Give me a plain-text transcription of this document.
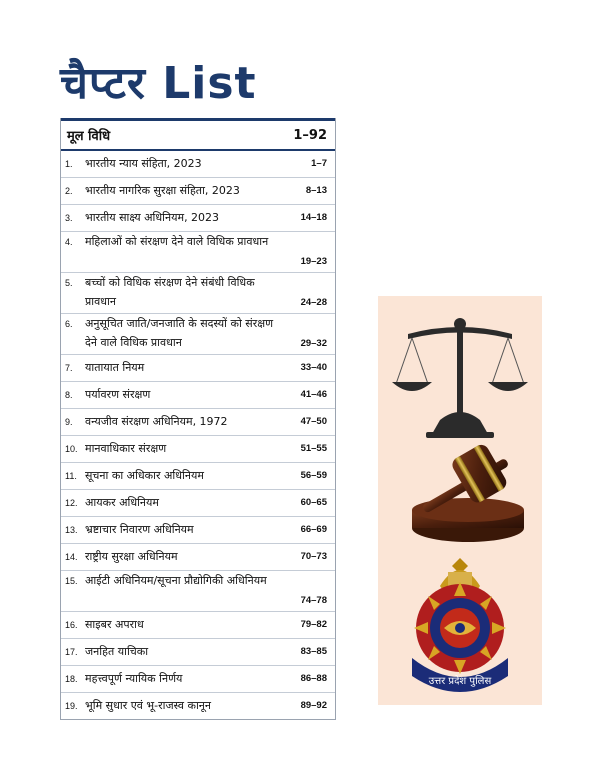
चैप्टर List
मूल विधि	1–92
1.	भारतीय न्याय संहिता, 2023	1–7
2.	भारतीय नागरिक सुरक्षा संहिता, 2023	8–13
3.	भारतीय साक्ष्य अधिनियम, 2023	14–18
4.	महिलाओं को संरक्षण देने वाले विधिक प्रावधान
19–23
5.	बच्चों को विधिक संरक्षण देने संबंधी विधिक प्रावधान	24–28
6.	अनुसूचित जाति/जनजाति के सदस्यों को संरक्षण देने वाले विधिक प्रावधान	29–32
7.	यातायात नियम	33–40
8.	पर्यावरण संरक्षण	41–46
9.	वन्यजीव संरक्षण अधिनियम, 1972	47–50
10. मानवाधिकार संरक्षण	51–55
11. सूचना का अधिकार अधिनियम	56–59
12. आयकर अधिनियम	60–65
13. भ्रष्टाचार निवारण अधिनियम	66–69
14. राष्ट्रीय सुरक्षा अधिनियम	70–73
15. आईटी अधिनियम/सूचना प्रौद्योगिकी अधिनियम
74–78
16. साइबर अपराध	79–82
17. जनहित याचिका	83–85
18. महत्त्वपूर्ण न्यायिक निर्णय	86–88
19. भूमि सुधार एवं भू-राजस्व कानून	89–92
उत्तर प्रदेश पुलिस
